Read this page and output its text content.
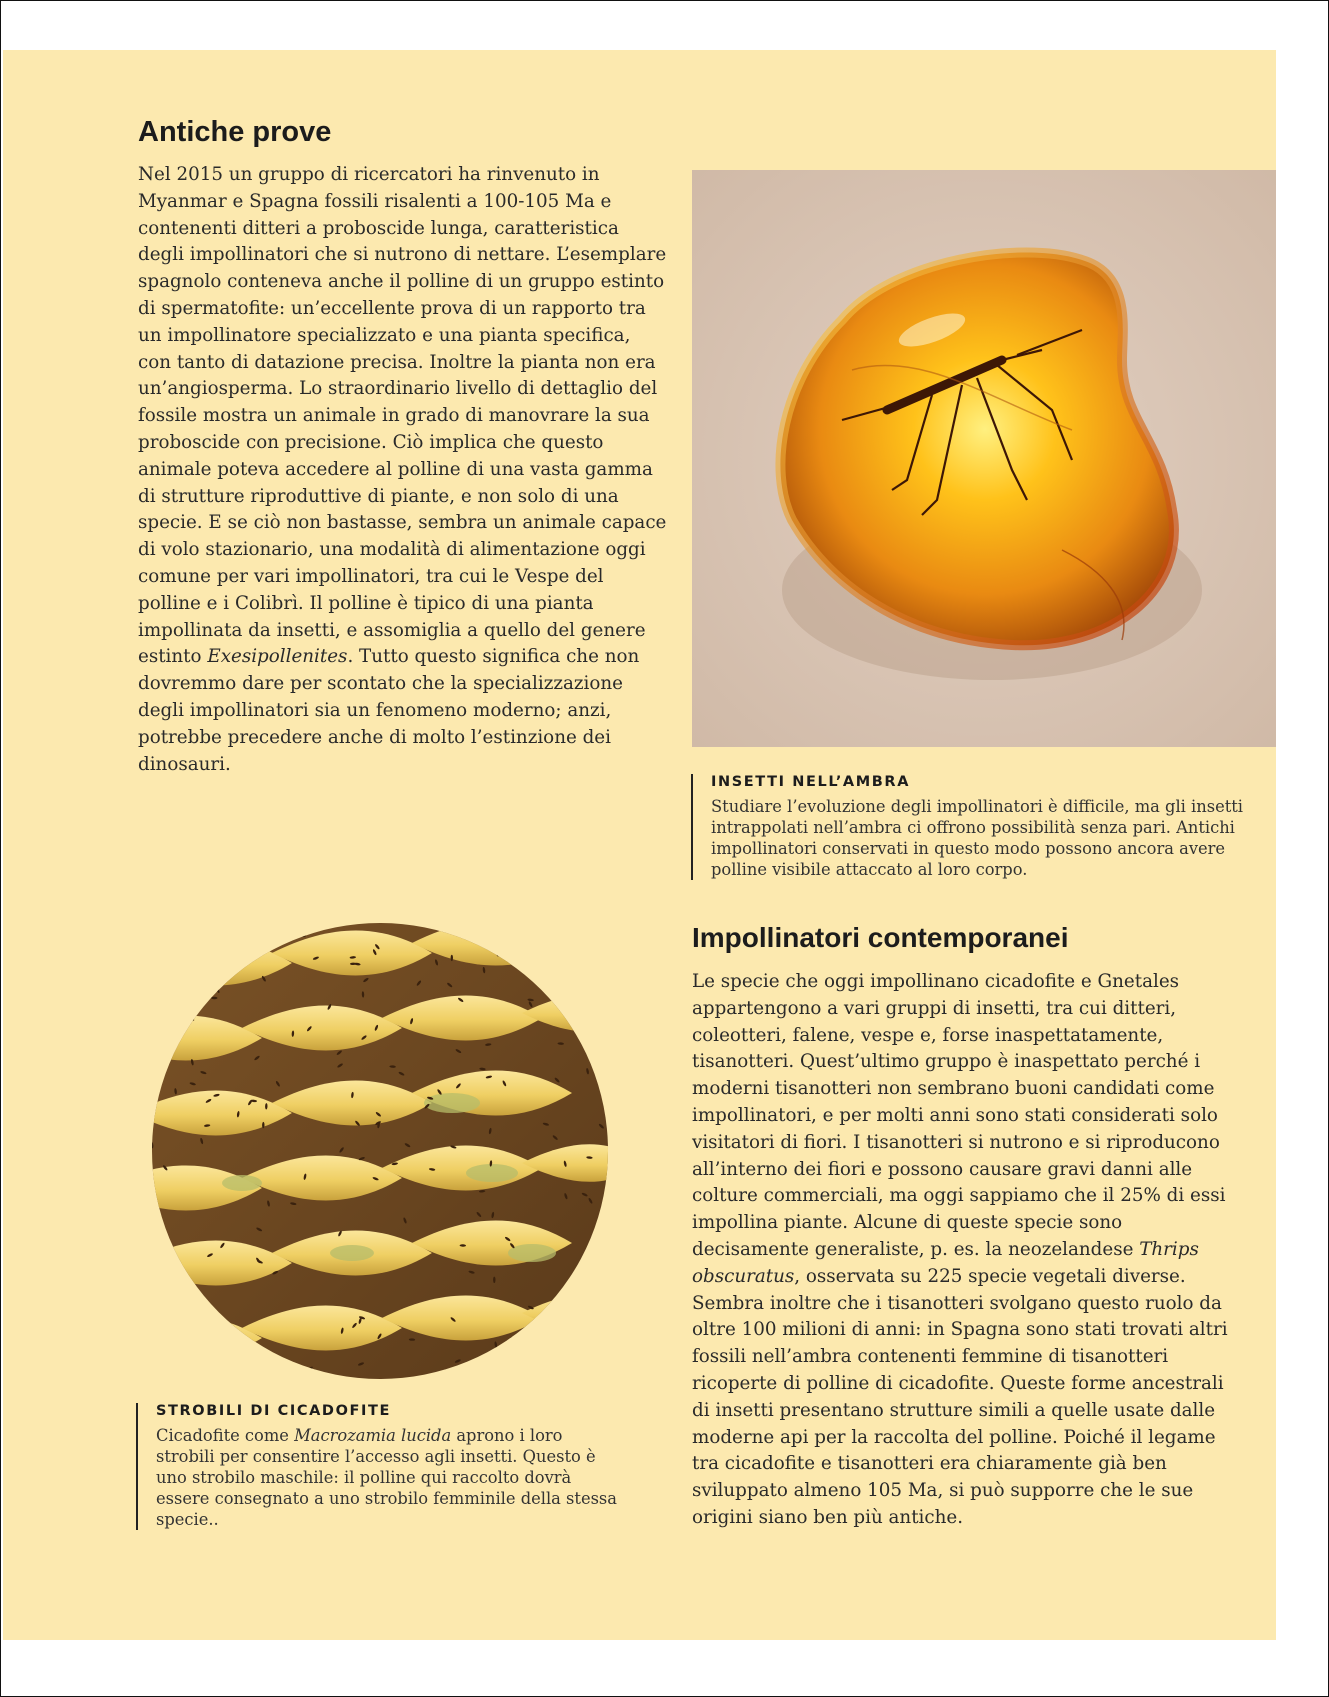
Antiche prove

Nel 2015 un gruppo di ricercatori ha rinvenuto in Myanmar e Spagna fossili risalenti a 100-105 Ma e contenenti ditteri a proboscide lunga, caratteristica degli impollinatori che si nutrono di nettare. L’esemplare spagnolo conteneva anche il polline di un gruppo estinto di spermatofite: un’eccellente prova di un rapporto tra un impollinatore specializzato e una pianta specifica, con tanto di datazione precisa. Inoltre la pianta non era un’angiosperma. Lo straordinario livello di dettaglio del fossile mostra un animale in grado di manovrare la sua proboscide con precisione. Ciò implica che questo animale poteva accedere al polline di una vasta gamma di strutture riproduttive di piante, e non solo di una specie. E se ciò non bastasse, sembra un animale capace di volo stazionario, una modalità di alimentazione oggi comune per vari impollinatori, tra cui le Vespe del polline e i Colibrì. Il polline è tipico di una pianta impollinata da insetti, e assomiglia a quello del genere estinto Exesipollenites. Tutto questo significa che non dovremmo dare per scontato che la specializzazione degli impollinatori sia un fenomeno moderno; anzi, potrebbe precedere anche di molto l’estinzione dei dinosauri.

INSETTI NELL’AMBRA

Studiare l’evoluzione degli impollinatori è difficile, ma gli insetti intrappolati nell’ambra ci offrono possibilità senza pari. Antichi impollinatori conservati in questo modo possono ancora avere polline visibile attaccato al loro corpo.

Impollinatori contemporanei

Le specie che oggi impollinano cicadofite e Gnetales appartengono a vari gruppi di insetti, tra cui ditteri, coleotteri, falene, vespe e, forse inaspettatamente, tisanotteri. Quest’ultimo gruppo è inaspettato perché i moderni tisanotteri non sembrano buoni candidati come impollinatori, e per molti anni sono stati considerati solo visitatori di fiori. I tisanotteri si nutrono e si riproducono all’interno dei fiori e possono causare gravi danni alle colture commerciali, ma oggi sappiamo che il 25% di essi impollina piante. Alcune di queste specie sono decisamente generaliste, p. es. la neozelandese Thrips obscuratus, osservata su 225 specie vegetali diverse. Sembra inoltre che i tisanotteri svolgano questo ruolo da oltre 100 milioni di anni: in Spagna sono stati trovati altri fossili nell’ambra contenenti femmine di tisanotteri ricoperte di polline di cicadofite. Queste forme ancestrali di insetti presentano strutture simili a quelle usate dalle moderne api per la raccolta del polline. Poiché il legame tra cicadofite e tisanotteri era chiaramente già ben sviluppato almeno 105 Ma, si può supporre che le sue origini siano ben più antiche.

STROBILI DI CICADOFITE

Cicadofite come Macrozamia lucida aprono i loro strobili per consentire l’accesso agli insetti. Questo è uno strobilo maschile: il polline qui raccolto dovrà essere consegnato a uno strobilo femminile della stessa specie..
